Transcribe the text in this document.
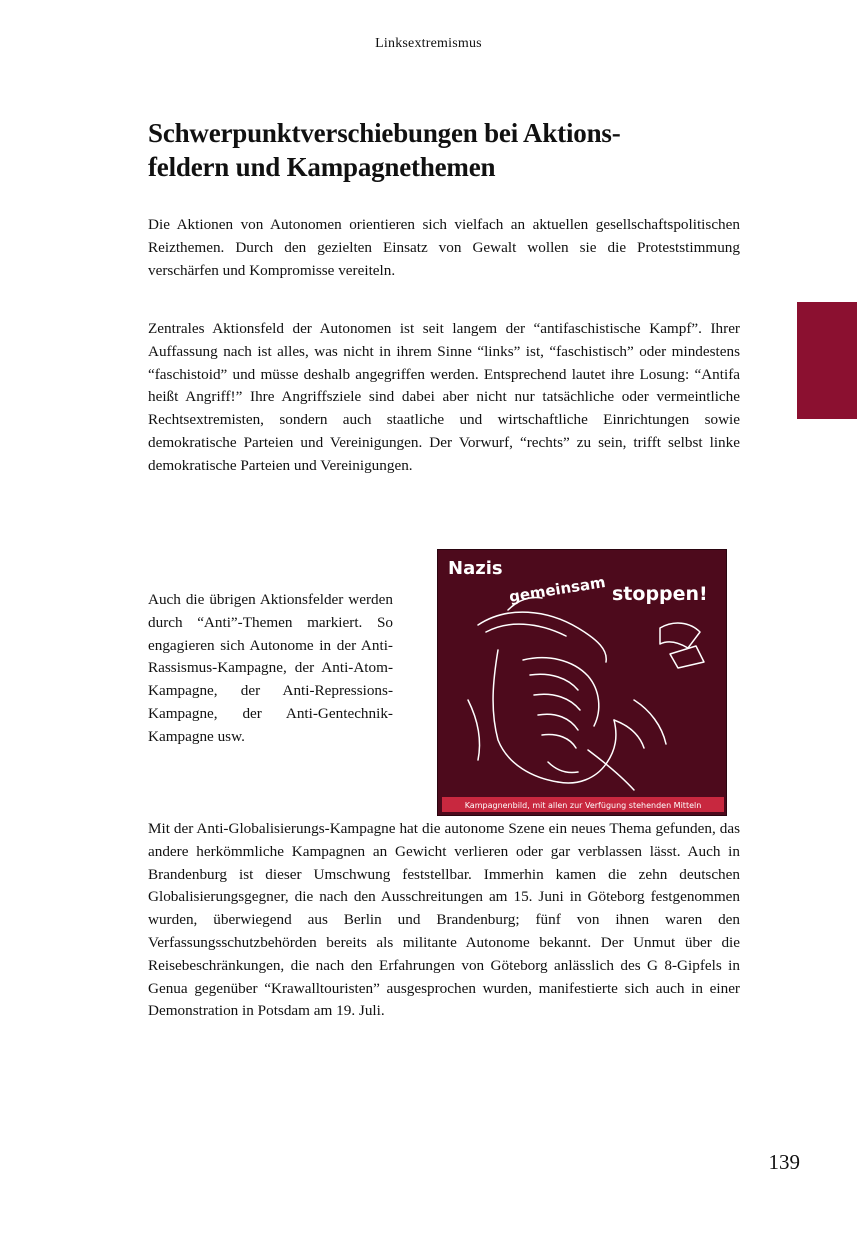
Linksextremismus
Schwerpunktverschiebungen bei Aktions-
feldern und Kampagnethemen

Die Aktionen von Autonomen orientieren sich vielfach an aktuellen gesellschaftspolitischen Reizthemen. Durch den gezielten Einsatz von Gewalt wollen sie die Proteststimmung verschärfen und Kompromisse vereiteln.

Zentrales Aktionsfeld der Autonomen ist seit langem der “antifaschistische Kampf”. Ihrer Auffassung nach ist alles, was nicht in ihrem Sinne “links” ist, “faschistisch” oder mindestens “faschistoid” und müsse deshalb angegriffen werden. Entsprechend lautet ihre Losung: “Antifa heißt Angriff!” Ihre Angriffsziele sind dabei aber nicht nur tatsächliche oder vermeintliche Rechtsextremisten, sondern auch staatliche und wirtschaftliche Einrichtungen sowie demokratische Parteien und Vereinigungen. Der Vorwurf, “rechts” zu sein, trifft selbst linke demokratische Parteien und Vereinigungen.

Auch die übrigen Aktionsfelder werden durch “Anti”-Themen markiert. So engagieren sich Autonome in der Anti-Rassismus-Kampagne, der Anti-Atom-Kampagne, der Anti-Repressions-Kampagne, der Anti-Gentechnik-Kampagne usw.

Mit der Anti-Globalisierungs-Kampagne hat die autonome Szene ein neues Thema gefunden, das andere herkömmliche Kampagnen an Gewicht verlieren oder gar verblassen lässt. Auch in Brandenburg ist dieser Umschwung feststellbar. Immerhin kamen die zehn deutschen Globalisierungsgegner, die nach den Ausschreitungen am 15. Juni in Göteborg festgenommen wurden, überwiegend aus Berlin und Brandenburg; fünf von ihnen waren den Verfassungsschutzbehörden bereits als militante Autonome bekannt. Der Unmut über die Reisebeschränkungen, die nach den Erfahrungen von Göteborg anlässlich des G 8-Gipfels in Genua gegenüber “Krawalltouristen” ausgesprochen wurden, manifestierte sich auch in einer Demonstration in Potsdam am 19. Juli.

Nazis
gemeinsam stoppen!
Kampagnenbild, mit allen zur Verfügung stehenden Mitteln
139
